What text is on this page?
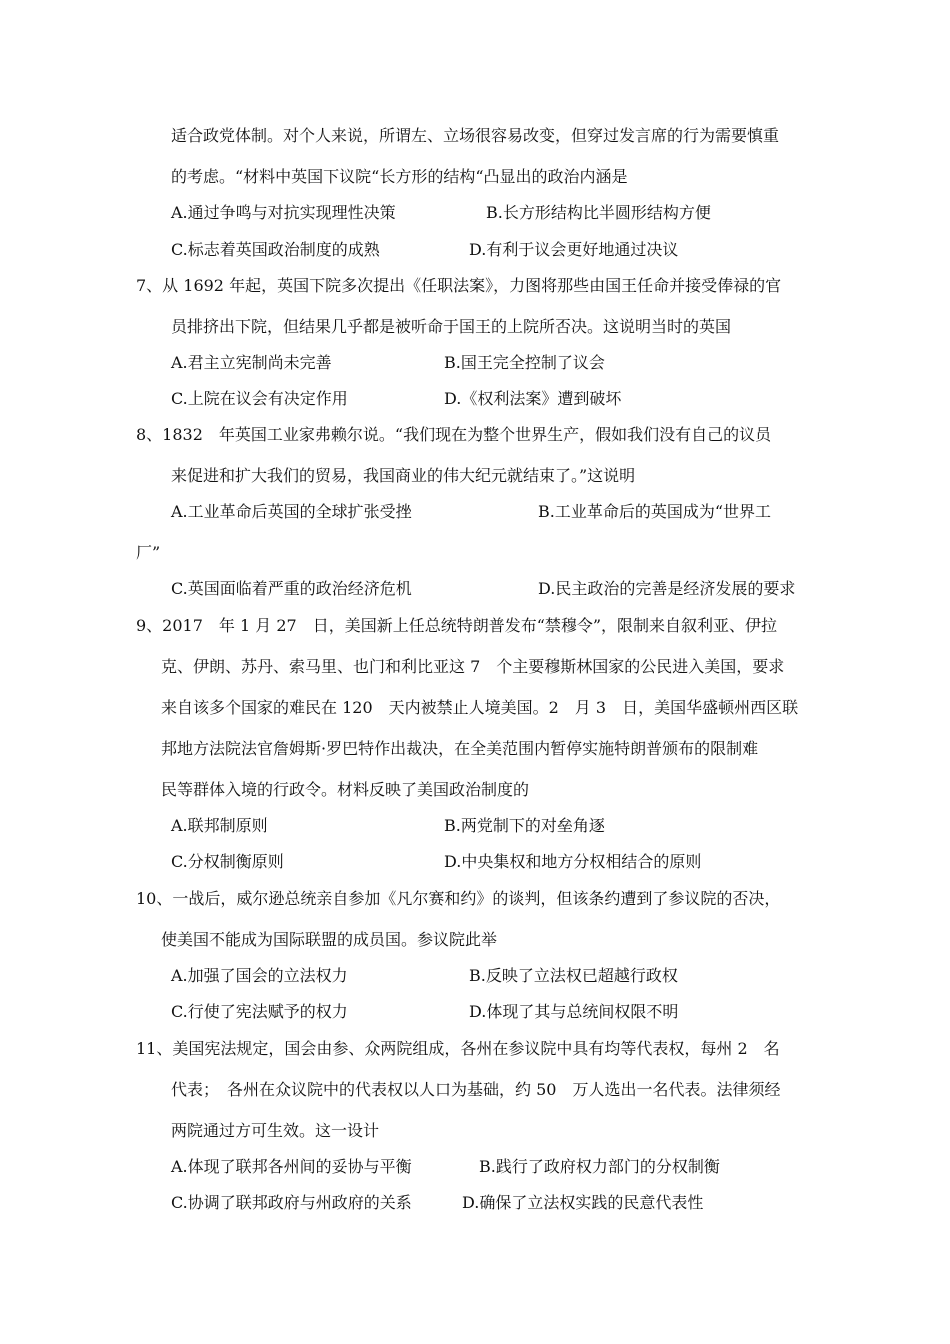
适合政党体制。对个人来说，所谓左、立场很容易改变，但穿过发言席的行为需要慎重
的考虑。“材料中英国下议院“长方形的结构“凸显出的政治内涵是
A.通过争鸣与对抗实现理性决策	B.长方形结构比半圆形结构方便
C.标志着英国政治制度的成熟	D.有利于议会更好地通过决议
7、从 1692 年起，英国下院多次提出《任职法案》，力图将那些由国王任命并接受俸禄的官
员排挤出下院，但结果几乎都是被听命于国王的上院所否决。这说明当时的英国
A.君主立宪制尚未完善	B.国王完全控制了议会
C.上院在议会有决定作用	D.《权利法案》遭到破坏
8、1832　年英国工业家弗赖尔说。“我们现在为整个世界生产，假如我们没有自己的议员
来促进和扩大我们的贸易，我国商业的伟大纪元就结束了。”这说明
A.工业革命后英国的全球扩张受挫	B.工业革命后的英国成为“世界工
厂”
C.英国面临着严重的政治经济危机	D.民主政治的完善是经济发展的要求
9、2017　年 1 月 27　日，美国新上任总统特朗普发布“禁穆令”，限制来自叙利亚、伊拉
克、伊朗、苏丹、索马里、也门和利比亚这 7　个主要穆斯林国家的公民进入美国，要求
来自该多个国家的难民在 120　天内被禁止人境美国。2　月 3　日，美国华盛顿州西区联
邦地方法院法官詹姆斯·罗巴特作出裁决，在全美范围内暂停实施特朗普颁布的限制难
民等群体入境的行政令。材料反映了美国政治制度的
A.联邦制原则	B.两党制下的对垒角逐
C.分权制衡原则	D.中央集权和地方分权相结合的原则
10、一战后，威尔逊总统亲自参加《凡尔赛和约》的谈判，但该条约遭到了参议院的否决，
使美国不能成为国际联盟的成员国。参议院此举
A.加强了国会的立法权力	B.反映了立法权已超越行政权
C.行使了宪法赋予的权力	D.体现了其与总统间权限不明
11、美国宪法规定，国会由参、众两院组成，各州在参议院中具有均等代表权，每州 2　名
代表；　各州在众议院中的代表权以人口为基础，约 50　万人选出一名代表。法律须经
两院通过方可生效。这一设计
A.体现了联邦各州间的妥协与平衡	B.践行了政府权力部门的分权制衡
C.协调了联邦政府与州政府的关系	D.确保了立法权实践的民意代表性
